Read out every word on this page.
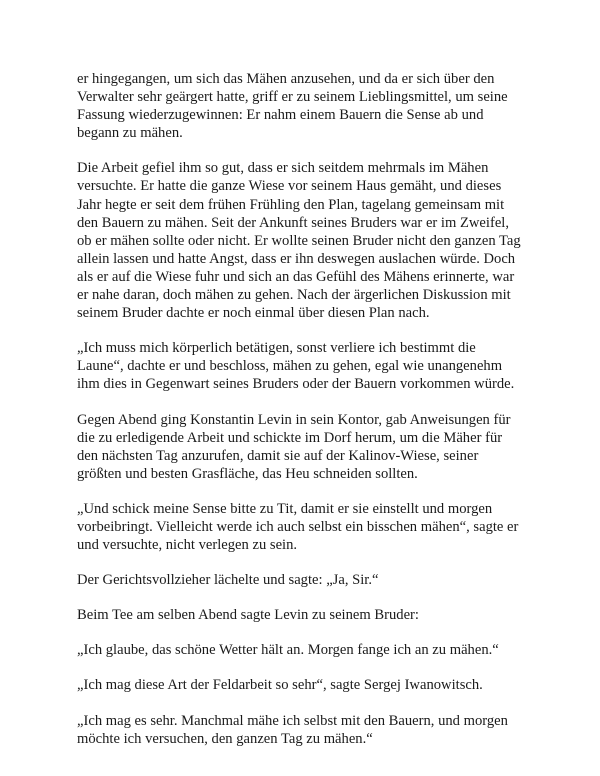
er hingegangen, um sich das Mähen anzusehen, und da er sich über den
Verwalter sehr geärgert hatte, griff er zu seinem Lieblingsmittel, um seine
Fassung wiederzugewinnen: Er nahm einem Bauern die Sense ab und
begann zu mähen.

Die Arbeit gefiel ihm so gut, dass er sich seitdem mehrmals im Mähen
versuchte. Er hatte die ganze Wiese vor seinem Haus gemäht, und dieses
Jahr hegte er seit dem frühen Frühling den Plan, tagelang gemeinsam mit
den Bauern zu mähen. Seit der Ankunft seines Bruders war er im Zweifel,
ob er mähen sollte oder nicht. Er wollte seinen Bruder nicht den ganzen Tag
allein lassen und hatte Angst, dass er ihn deswegen auslachen würde. Doch
als er auf die Wiese fuhr und sich an das Gefühl des Mähens erinnerte, war
er nahe daran, doch mähen zu gehen. Nach der ärgerlichen Diskussion mit
seinem Bruder dachte er noch einmal über diesen Plan nach.

„Ich muss mich körperlich betätigen, sonst verliere ich bestimmt die
Laune“, dachte er und beschloss, mähen zu gehen, egal wie unangenehm
ihm dies in Gegenwart seines Bruders oder der Bauern vorkommen würde.

Gegen Abend ging Konstantin Levin in sein Kontor, gab Anweisungen für
die zu erledigende Arbeit und schickte im Dorf herum, um die Mäher für
den nächsten Tag anzurufen, damit sie auf der Kalinov-Wiese, seiner
größten und besten Grasfläche, das Heu schneiden sollten.

„Und schick meine Sense bitte zu Tit, damit er sie einstellt und morgen
vorbeibringt. Vielleicht werde ich auch selbst ein bisschen mähen“, sagte er
und versuchte, nicht verlegen zu sein.

Der Gerichtsvollzieher lächelte und sagte: „Ja, Sir.“

Beim Tee am selben Abend sagte Levin zu seinem Bruder:

„Ich glaube, das schöne Wetter hält an. Morgen fange ich an zu mähen.“

„Ich mag diese Art der Feldarbeit so sehr“, sagte Sergej Iwanowitsch.

„Ich mag es sehr. Manchmal mähe ich selbst mit den Bauern, und morgen
möchte ich versuchen, den ganzen Tag zu mähen.“
